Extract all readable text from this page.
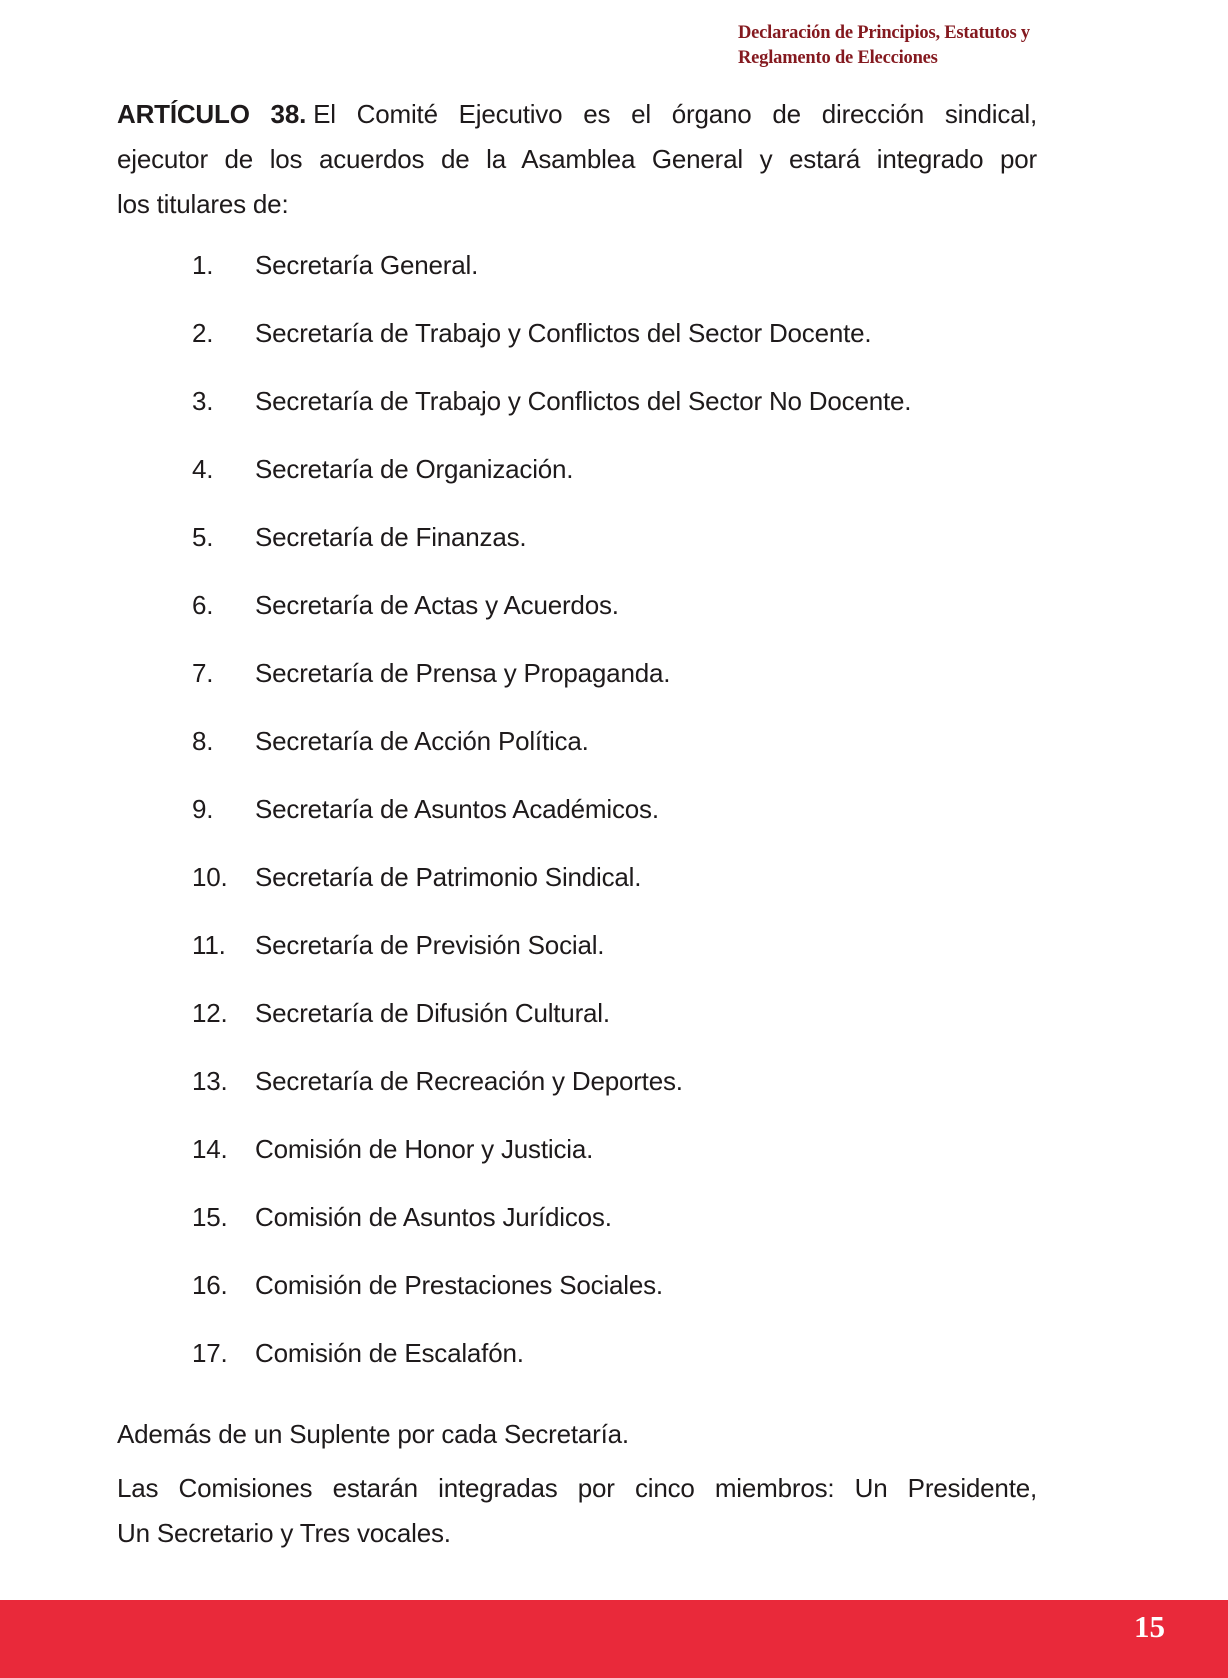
Declaración de Principios, Estatutos y
Reglamento de Elecciones
ARTÍCULO 38. El Comité Ejecutivo es el órgano de dirección sindical,
ejecutor de los acuerdos de la Asamblea General y estará integrado por
los titulares de:
1.	Secretaría General.
2.	Secretaría de Trabajo y Conflictos del Sector Docente.
3.	Secretaría de Trabajo y Conflictos del Sector No Docente.
4.	Secretaría de Organización.
5.	Secretaría de Finanzas.
6.	Secretaría de Actas y Acuerdos.
7.	Secretaría de Prensa y Propaganda.
8.	Secretaría de Acción Política.
9.	Secretaría de Asuntos Académicos.
10.	Secretaría de Patrimonio Sindical.
11.	Secretaría de Previsión Social.
12.	Secretaría de Difusión Cultural.
13.	Secretaría de Recreación y Deportes.
14.	Comisión de Honor y Justicia.
15.	Comisión de Asuntos Jurídicos.
16.	Comisión de Prestaciones Sociales.
17.	Comisión de Escalafón.
Además de un Suplente por cada Secretaría.
Las Comisiones estarán integradas por cinco miembros: Un Presidente,
Un Secretario y Tres vocales.
15
